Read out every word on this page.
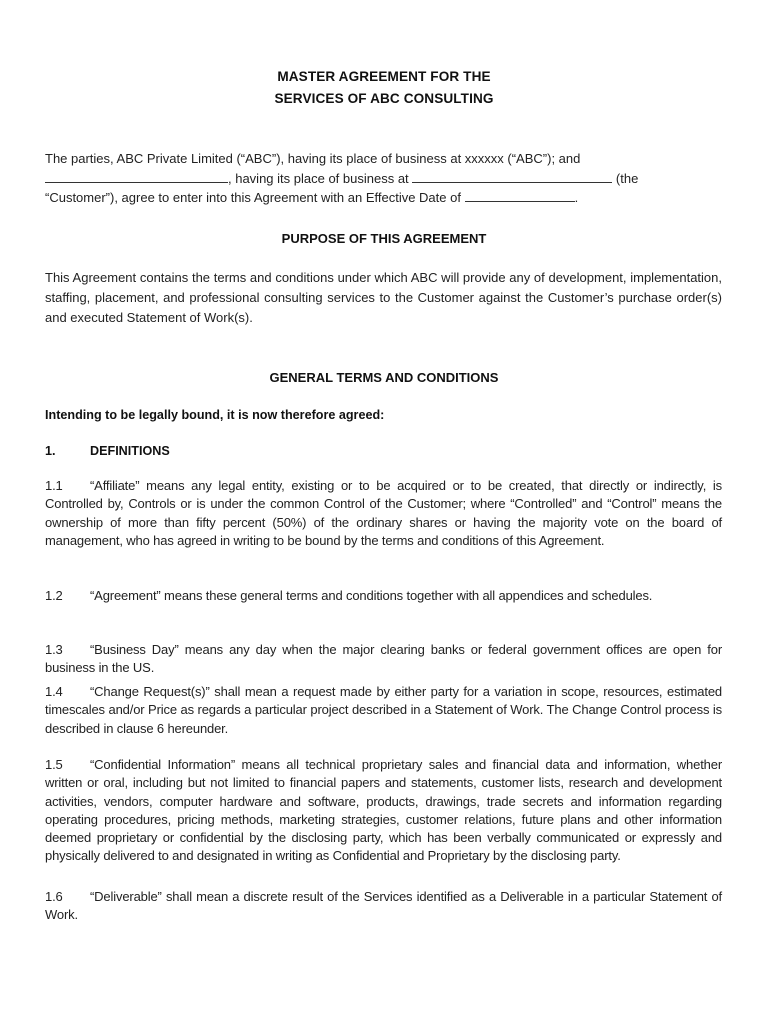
MASTER AGREEMENT FOR THE
SERVICES OF ABC CONSULTING
The parties, ABC Private Limited (“ABC”), having its place of business at xxxxxx (“ABC”); and
, having its place of business at	(the
“Customer”), agree to enter into this Agreement with an Effective Date of	.
PURPOSE OF THIS AGREEMENT
This Agreement contains the terms and conditions under which ABC will provide any of development, implementation, staffing, placement, and professional consulting services to the Customer against the Customer’s purchase order(s) and executed Statement of Work(s).
GENERAL TERMS AND CONDITIONS
Intending to be legally bound, it is now therefore agreed:
1.	DEFINITIONS
1.1 “Affiliate” means any legal entity, existing or to be acquired or to be created, that directly or indirectly, is Controlled by, Controls or is under the common Control of the Customer; where “Controlled” and “Control” means the ownership of more than fifty percent (50%) of the ordinary shares or having the majority vote on the board of management, who has agreed in writing to be bound by the terms and conditions of this Agreement.
1.2 “Agreement” means these general terms and conditions together with all appendices and schedules.
1.3 “Business Day” means any day when the major clearing banks or federal government offices are open for business in the US.
1.4 “Change Request(s)” shall mean a request made by either party for a variation in scope, resources, estimated timescales and/or Price as regards a particular project described in a Statement of Work. The Change Control process is described in clause 6 hereunder.
1.5 “Confidential Information” means all technical proprietary sales and financial data and information, whether written or oral, including but not limited to financial papers and statements, customer lists, research and development activities, vendors, computer hardware and software, products, drawings, trade secrets and information regarding operating procedures, pricing methods, marketing strategies, customer relations, future plans and other information deemed proprietary or confidential by the disclosing party, which has been verbally communicated or expressly and physically delivered to and designated in writing as Confidential and Proprietary by the disclosing party.
1.6 “Deliverable” shall mean a discrete result of the Services identified as a Deliverable in a particular Statement of Work.
